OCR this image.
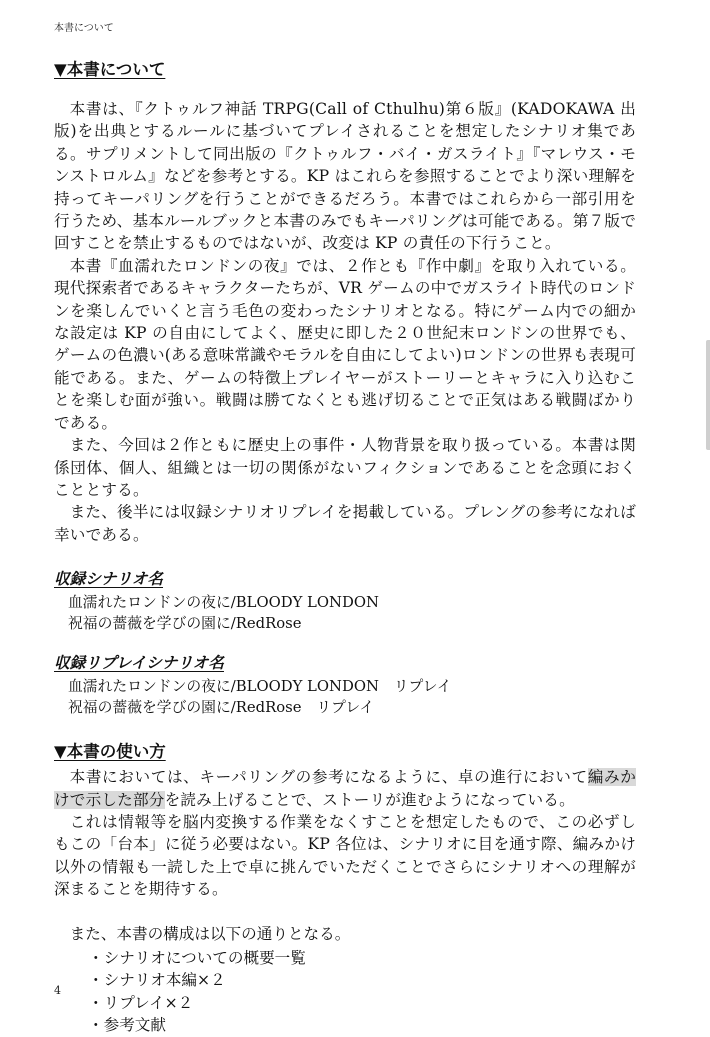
本書について
▼本書について

本書は、『クトゥルフ神話 TRPG(Call of Cthulhu)第６版』(KADOKAWA 出版)を出典とするルールに基づいてプレイされることを想定したシナリオ集である。サプリメントして同出版の『クトゥルフ・バイ・ガスライト』『マレウス・モンストロルム』などを参考とする。KP はこれらを参照することでより深い理解を持ってキーパリングを行うことができるだろう。本書ではこれらから一部引用を行うため、基本ルールブックと本書のみでもキーパリングは可能である。第７版で回すことを禁止するものではないが、改変は KP の責任の下行うこと。

本書『血濡れたロンドンの夜』では、２作とも『作中劇』を取り入れている。現代探索者であるキャラクターたちが、VR ゲームの中でガスライト時代のロンドンを楽しんでいくと言う毛色の変わったシナリオとなる。特にゲーム内での細かな設定は KP の自由にしてよく、歴史に即した２０世紀末ロンドンの世界でも、ゲームの色濃い(ある意味常識やモラルを自由にしてよい)ロンドンの世界も表現可能である。また、ゲームの特徴上プレイヤーがストーリーとキャラに入り込むことを楽しむ面が強い。戦闘は勝てなくとも逃げ切ることで正気はある戦闘ばかりである。

また、今回は２作ともに歴史上の事件・人物背景を取り扱っている。本書は関係団体、個人、組織とは一切の関係がないフィクションであることを念頭におくこととする。

また、後半には収録シナリオリプレイを掲載している。プレングの参考になれば幸いである。

収録シナリオ名
血濡れたロンドンの夜に/BLOODY LONDON
祝福の薔薇を学びの園に/RedRose
収録リプレイシナリオ名
血濡れたロンドンの夜に/BLOODY LONDON　リプレイ
祝福の薔薇を学びの園に/RedRose　リプレイ
▼本書の使い方

本書においては、キーパリングの参考になるように、卓の進行において編みかけで示した部分を読み上げることで、ストーリが進むようになっている。

これは情報等を脳内変換する作業をなくすことを想定したもので、この必ずしもこの「台本」に従う必要はない。KP 各位は、シナリオに目を通す際、編みかけ以外の情報も一読した上で卓に挑んでいただくことでさらにシナリオへの理解が深まることを期待する。

また、本書の構成は以下の通りとなる。

・シナリオについての概要一覧
・シナリオ本編×２
・リプレイ×２
・参考文献
4
